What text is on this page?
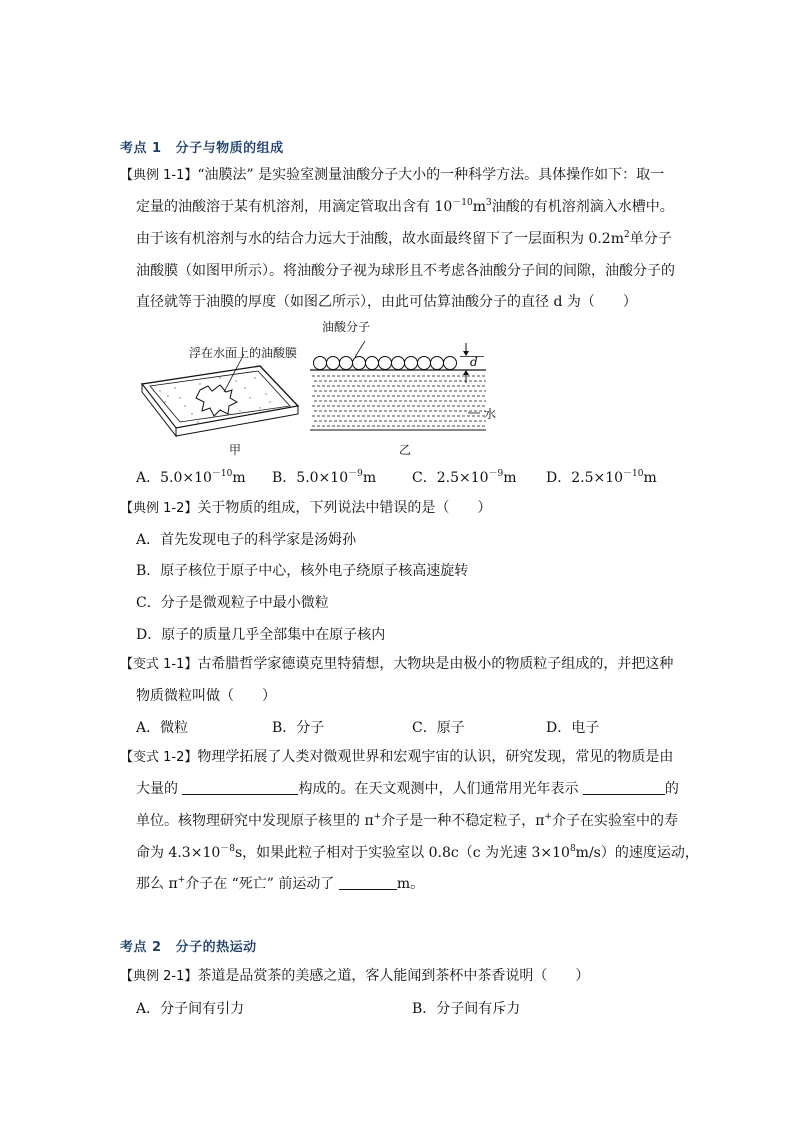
考点 1 分子与物质的组成
【典例 1-1】“油膜法” 是实验室测量油酸分子大小的一种科学方法。具体操作如下：取一
定量的油酸溶于某有机溶剂，用滴定管取出含有 $10^{-10}m^3$油酸的有机溶剂滴入水槽中。
由于该有机溶剂与水的结合力远大于油酸，故水面最终留下了一层面积为 $0.2m^2$单分子
油酸膜（如图甲所示）。将油酸分子视为球形且不考虑各油酸分子间的间隙，油酸分子的
直径就等于油膜的厚度（如图乙所示），由此可估算油酸分子的直径 d 为（　　）
浮在水面上的油酸膜
油酸分子
d
水
甲	乙
A．$5.0\times 10^{-10}m$ B．$5.0\times 10^{-9}m$	C．$2.5\times 10^{-9}m$ D．$2.5\times 10^{-10}m$
【典例 1-2】关于物质的组成，下列说法中错误的是（　　）
A．首先发现电子的科学家是汤姆孙
B．原子核位于原子中心，核外电子绕原子核高速旋转
C．分子是微观粒子中最小微粒
D．原子的质量几乎全部集中在原子核内
【变式 1-1】古希腊哲学家德谟克里特猜想，大物块是由极小的物质粒子组成的，并把这种
物质微粒叫做（　　）
A．微粒	B．分子	C．原子	D．电子
【变式 1-2】物理学拓展了人类对微观世界和宏观宇宙的认识，研究发现，常见的物质是由
大量的	构成的。在天文观测中，人们通常用光年表示	的
单位。核物理研究中发现原子核里的 π+介子是一种不稳定粒子，π+介子在实验室中的寿
命为 $4.3\times 10^{-8}s$，如果此粒子相对于实验室以 0.8c（c 为光速 $3\times 10^8m/s$）的速度运动，
那么 π+介子在 “死亡” 前运动了	m。
考点 2 分子的热运动
【典例 2-1】茶道是品赏茶的美感之道，客人能闻到茶杯中茶香说明（　　）
A．分子间有引力	B．分子间有斥力
